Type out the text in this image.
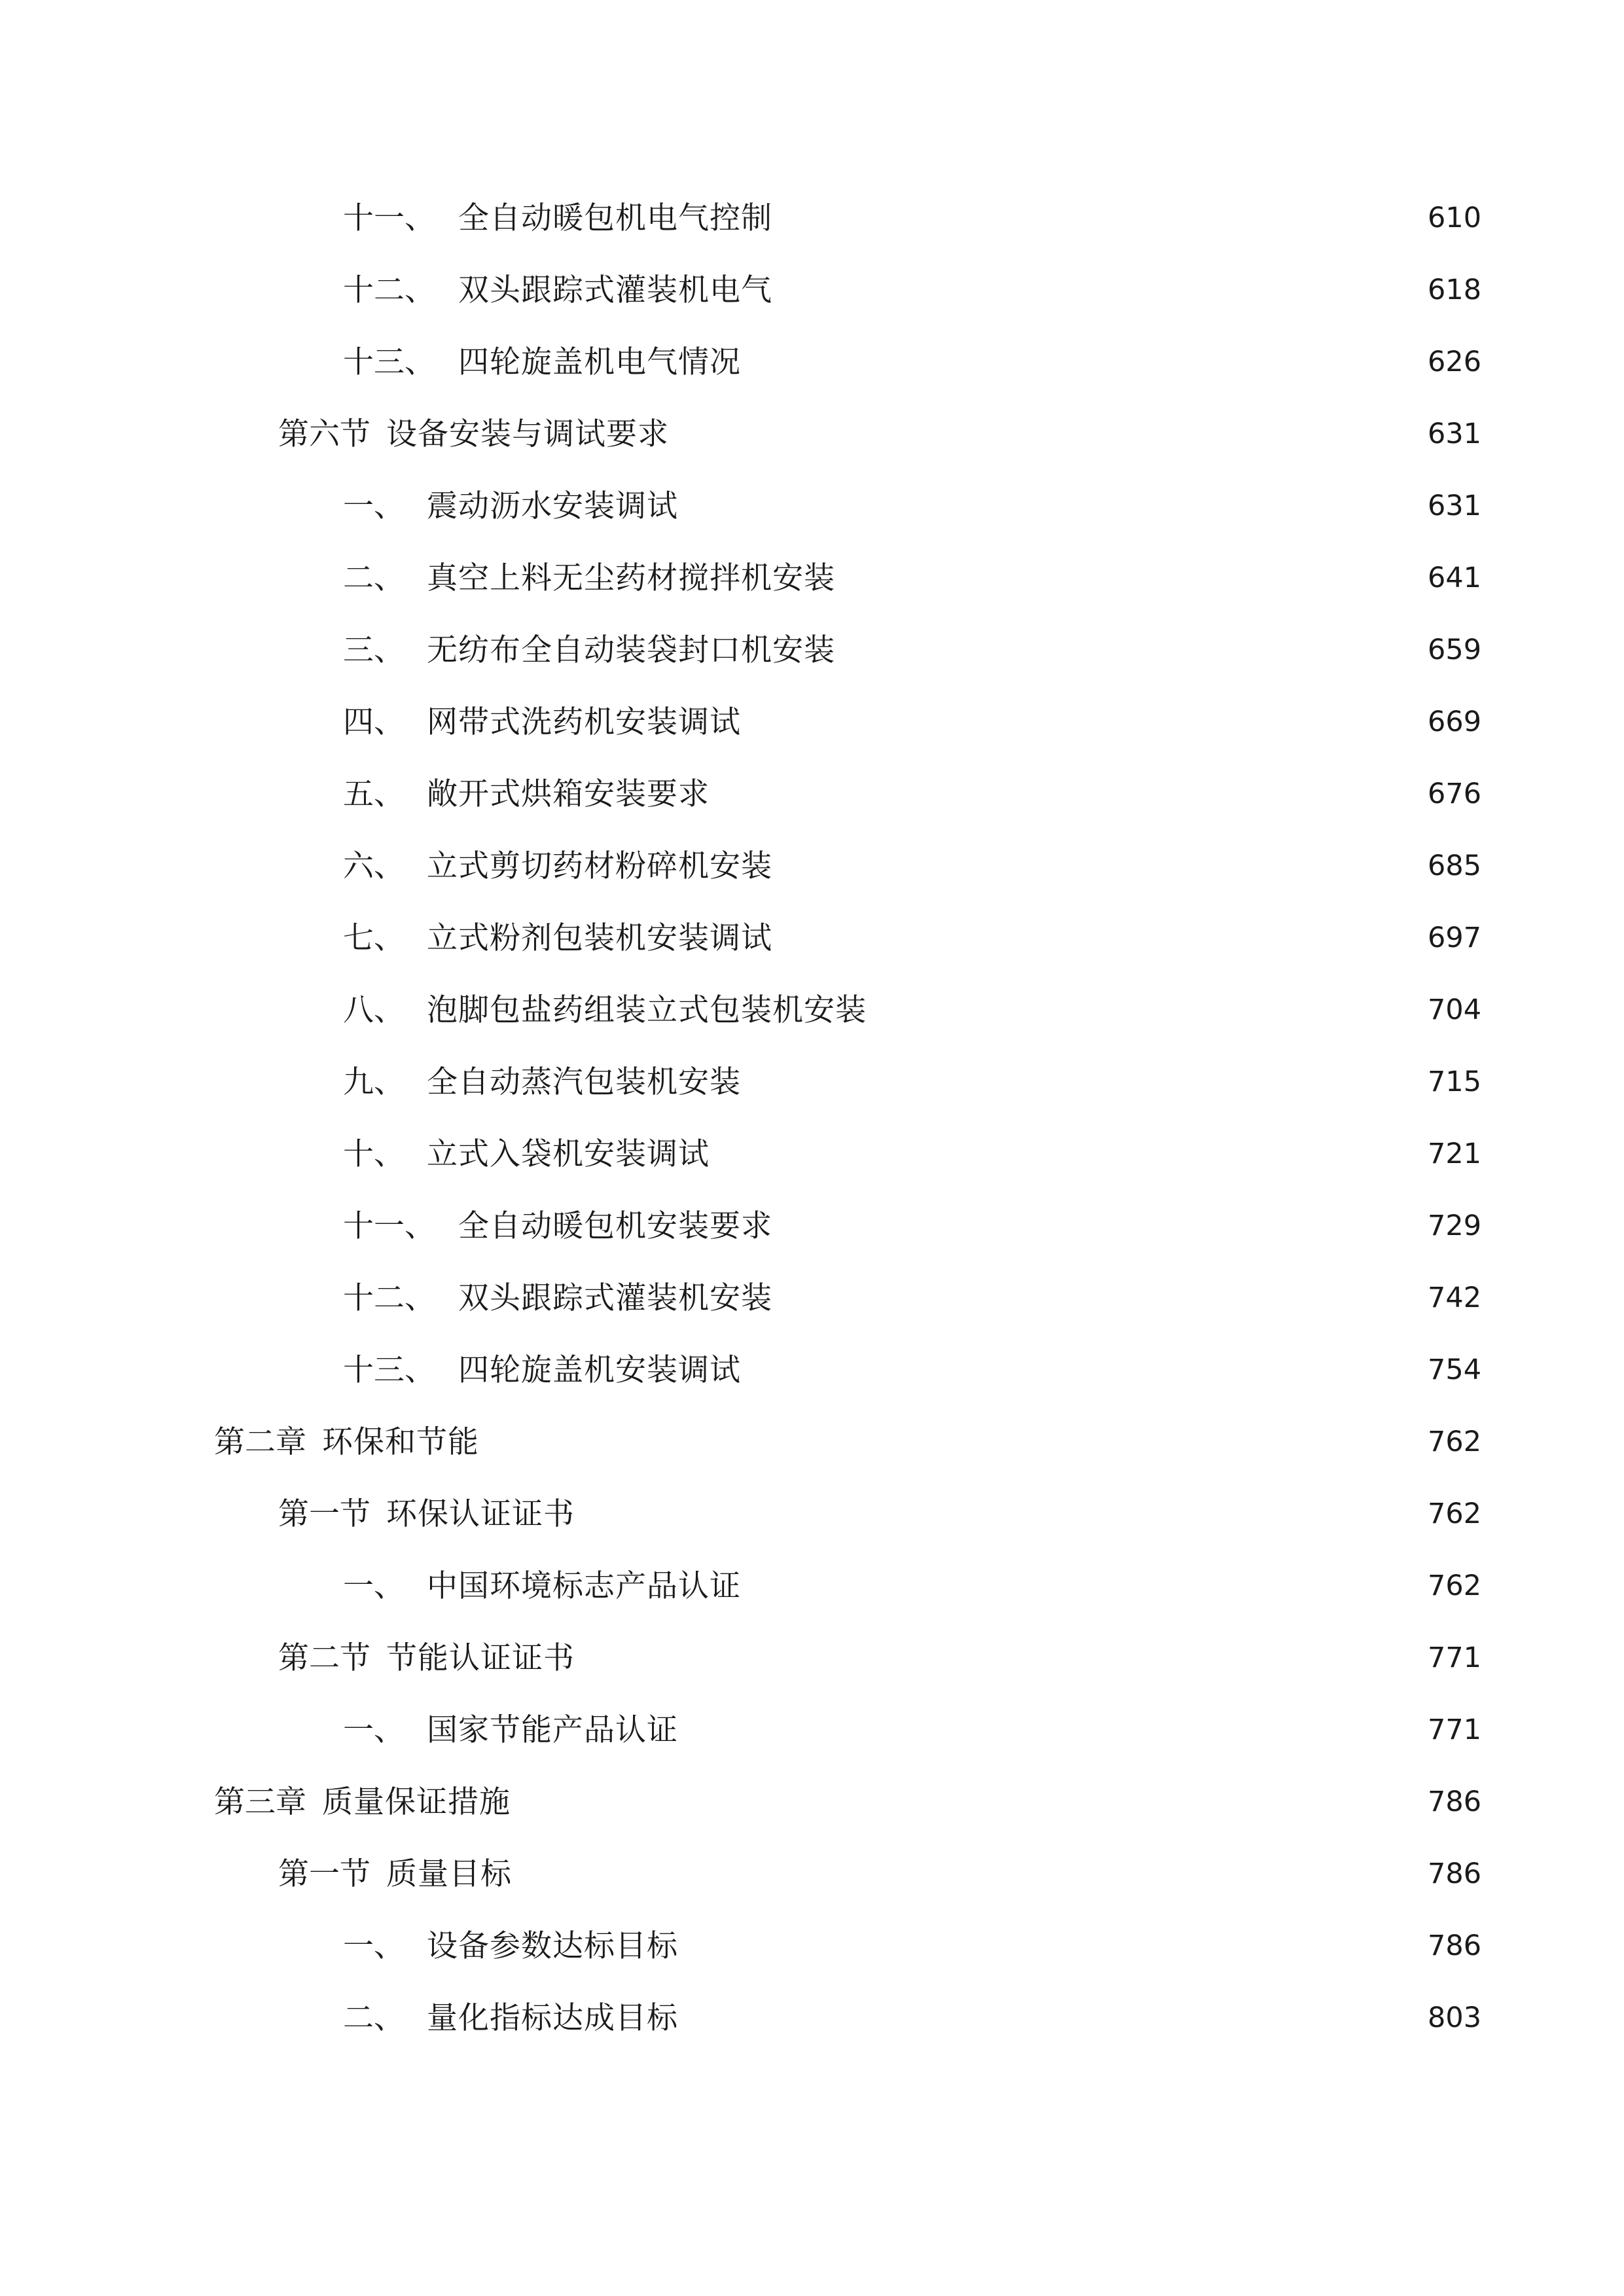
十一、 全自动暖包机电气控制	610
十二、 双头跟踪式灌装机电气	618
十三、 四轮旋盖机电气情况	626
第六节 设备安装与调试要求	631
一、 震动沥水安装调试	631
二、 真空上料无尘药材搅拌机安装	641
三、 无纺布全自动装袋封口机安装	659
四、 网带式洗药机安装调试	669
五、 敞开式烘箱安装要求	676
六、 立式剪切药材粉碎机安装	685
七、 立式粉剂包装机安装调试	697
八、 泡脚包盐药组装立式包装机安装	704
九、 全自动蒸汽包装机安装	715
十、 立式入袋机安装调试	721
十一、 全自动暖包机安装要求	729
十二、 双头跟踪式灌装机安装	742
十三、 四轮旋盖机安装调试	754
第二章 环保和节能	762
第一节 环保认证证书	762
一、 中国环境标志产品认证	762
第二节 节能认证证书	771
一、 国家节能产品认证	771
第三章 质量保证措施	786
第一节 质量目标	786
一、 设备参数达标目标	786
二、 量化指标达成目标	803
